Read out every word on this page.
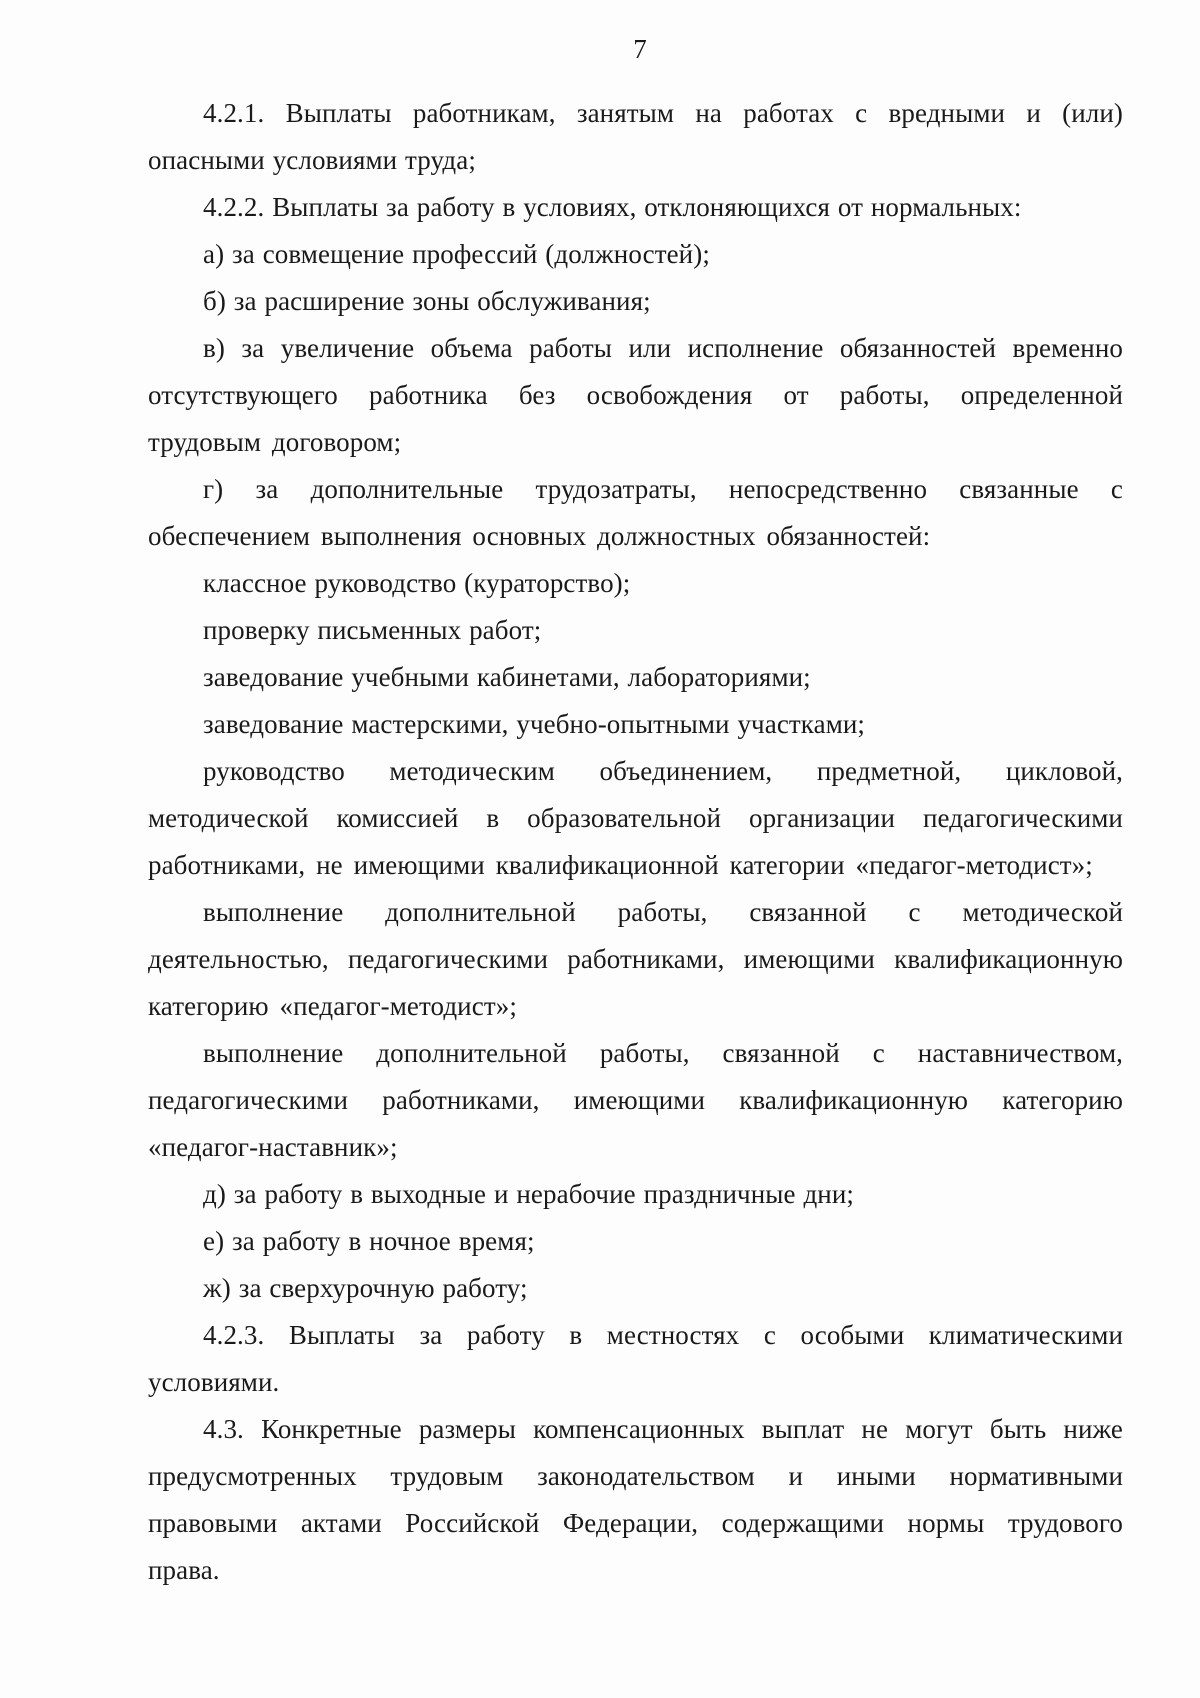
7

4.2.1. Выплаты работникам, занятым на работах с вредными и (или) опасными условиями труда;

4.2.2. Выплаты за работу в условиях, отклоняющихся от нормальных:

а) за совмещение профессий (должностей);

б) за расширение зоны обслуживания;

в) за увеличение объема работы или исполнение обязанностей временно отсутствующего работника без освобождения от работы, определенной трудовым договором;

г) за дополнительные трудозатраты, непосредственно связанные с обеспечением выполнения основных должностных обязанностей:

классное руководство (кураторство);

проверку письменных работ;

заведование учебными кабинетами, лабораториями;

заведование мастерскими, учебно-опытными участками;

руководство методическим объединением, предметной, цикловой, методической комиссией в образовательной организации педагогическими работниками, не имеющими квалификационной категории «педагог-методист»;

выполнение дополнительной работы, связанной с методической деятельностью, педагогическими работниками, имеющими квалификационную категорию «педагог-методист»;

выполнение дополнительной работы, связанной с наставничеством, педагогическими работниками, имеющими квалификационную категорию «педагог-наставник»;

д) за работу в выходные и нерабочие праздничные дни;

е) за работу в ночное время;

ж) за сверхурочную работу;

4.2.3. Выплаты за работу в местностях с особыми климатическими условиями.

4.3. Конкретные размеры компенсационных выплат не могут быть ниже предусмотренных трудовым законодательством и иными нормативными правовыми актами Российской Федерации, содержащими нормы трудового права.
